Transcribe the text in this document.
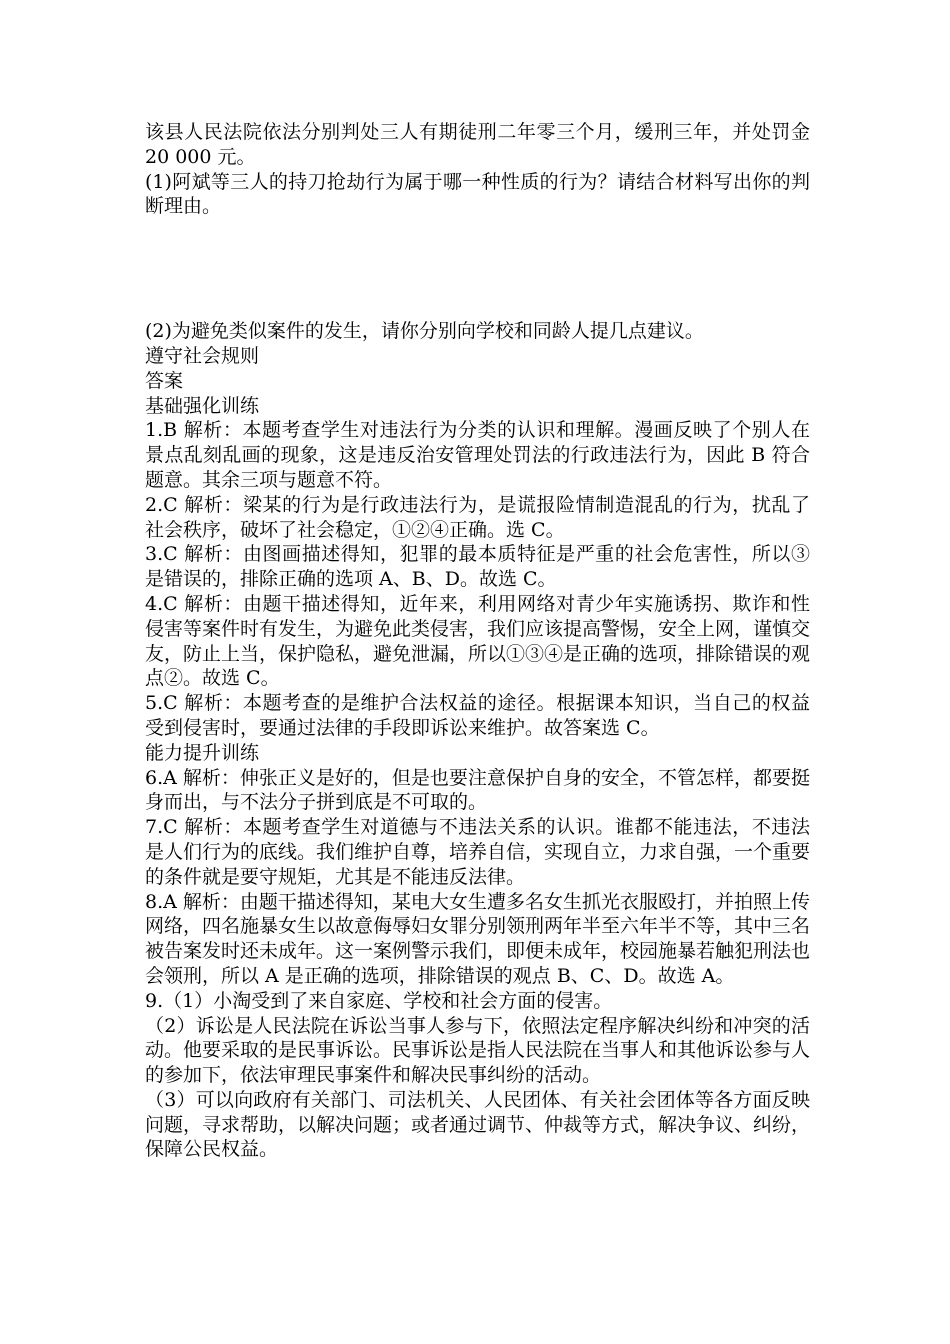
该县人民法院依法分别判处三人有期徒刑二年零三个月，缓刑三年，并处罚金 20 000 元。

(1)阿斌等三人的持刀抢劫行为属于哪一种性质的行为？请结合材料写出你的判断理由。

(2)为避免类似案件的发生，请你分别向学校和同龄人提几点建议。

遵守社会规则

答案

基础强化训练

1.B 解析：本题考查学生对违法行为分类的认识和理解。漫画反映了个别人在景点乱刻乱画的现象，这是违反治安管理处罚法的行政违法行为，因此 B 符合题意。其余三项与题意不符。

2.C 解析：梁某的行为是行政违法行为，是谎报险情制造混乱的行为，扰乱了社会秩序，破坏了社会稳定，①②④正确。选 C。

3.C 解析：由图画描述得知，犯罪的最本质特征是严重的社会危害性，所以③是错误的，排除正确的选项 A、B、D。故选 C。

4.C 解析：由题干描述得知，近年来，利用网络对青少年实施诱拐、欺诈和性侵害等案件时有发生，为避免此类侵害，我们应该提高警惕，安全上网，谨慎交友，防止上当，保护隐私，避免泄漏，所以①③④是正确的选项，排除错误的观点②。故选 C。

5.C 解析：本题考查的是维护合法权益的途径。根据课本知识，当自己的权益受到侵害时，要通过法律的手段即诉讼来维护。故答案选 C。

能力提升训练

6.A 解析：伸张正义是好的，但是也要注意保护自身的安全，不管怎样，都要挺身而出，与不法分子拼到底是不可取的。

7.C 解析：本题考查学生对道德与不违法关系的认识。谁都不能违法，不违法是人们行为的底线。我们维护自尊，培养自信，实现自立，力求自强，一个重要的条件就是要守规矩，尤其是不能违反法律。

8.A 解析：由题干描述得知，某电大女生遭多名女生抓光衣服殴打，并拍照上传网络，四名施暴女生以故意侮辱妇女罪分别领刑两年半至六年半不等，其中三名被告案发时还未成年。这一案例警示我们，即便未成年，校园施暴若触犯刑法也会领刑，所以 A 是正确的选项，排除错误的观点 B、C、D。故选 A。

9.（1）小淘受到了来自家庭、学校和社会方面的侵害。

（2）诉讼是人民法院在诉讼当事人参与下，依照法定程序解决纠纷和冲突的活动。他要采取的是民事诉讼。民事诉讼是指人民法院在当事人和其他诉讼参与人的参加下，依法审理民事案件和解决民事纠纷的活动。

（3）可以向政府有关部门、司法机关、人民团体、有关社会团体等各方面反映问题，寻求帮助，以解决问题；或者通过调节、仲裁等方式，解决争议、纠纷，保障公民权益。
